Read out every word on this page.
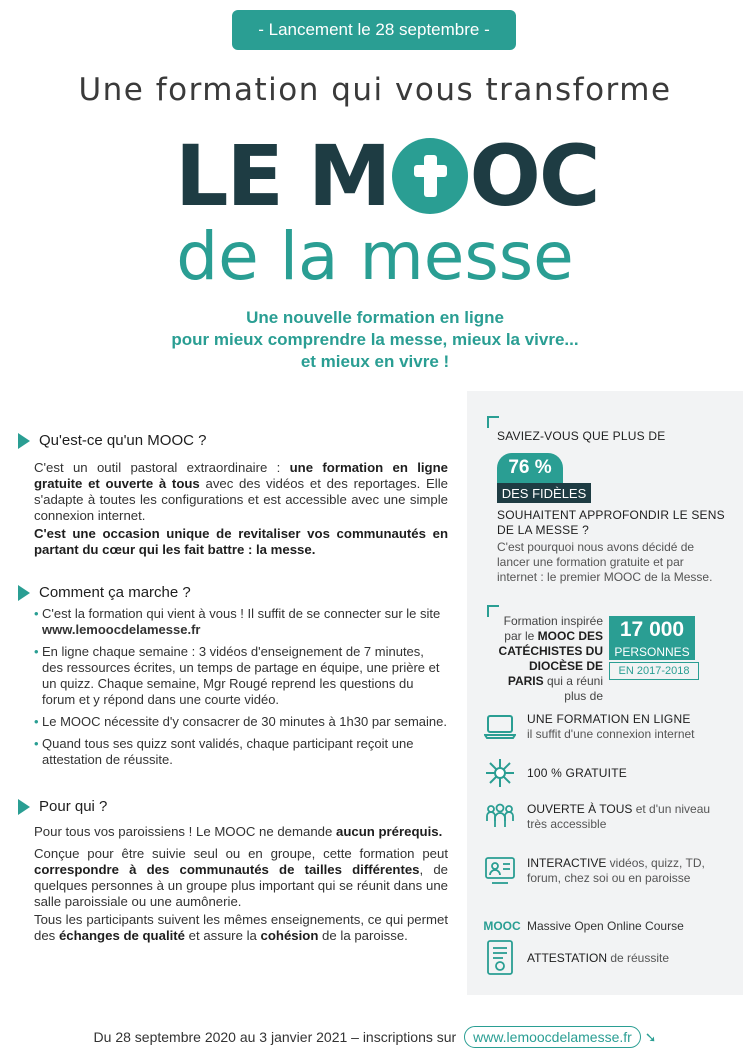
- Lancement le 28 septembre -
Une formation qui vous transforme
LE M OC
de la messe
Une nouvelle formation en ligne
pour mieux comprendre la messe, mieux la vivre...
et mieux en vivre !
Qu'est-ce qu'un MOOC ?
C'est un outil pastoral extraordinaire : une formation en ligne gratuite et ouverte à tous avec des vidéos et des reportages. Elle s'adapte à toutes les configurations et est accessible avec une simple connexion internet.
C'est une occasion unique de revitaliser vos communautés en partant du cœur qui les fait battre : la messe.
Comment ça marche ?
• C'est la formation qui vient à vous ! Il suffit de se connecter sur le site www.lemoocdelamesse.fr
• En ligne chaque semaine : 3 vidéos d'enseignement de 7 minutes, des ressources écrites, un temps de partage en équipe, une prière et un quizz. Chaque semaine, Mgr Rougé reprend les questions du forum et y répond dans une courte vidéo.
• Le MOOC nécessite d'y consacrer de 30 minutes à 1h30 par semaine.
• Quand tous ses quizz sont validés, chaque participant reçoit une attestation de réussite.
Pour qui ?
Pour tous vos paroissiens ! Le MOOC ne demande aucun prérequis.
Conçue pour être suivie seul ou en groupe, cette formation peut correspondre à des communautés de tailles différentes, de quelques personnes à un groupe plus important qui se réunit dans une salle paroissiale ou une aumônerie.
Tous les participants suivent les mêmes enseignements, ce qui permet des échanges de qualité et assure la cohésion de la paroisse.
SAVIEZ-VOUS QUE PLUS DE
76 %
DES FIDÈLES
SOUHAITENT APPROFONDIR LE SENS DE LA MESSE ?
C'est pourquoi nous avons décidé de lancer une formation gratuite et par internet : le premier MOOC de la Messe.
Formation inspirée par le MOOC DES CATÉCHISTES DU DIOCÈSE DE PARIS qui a réuni plus de
17 000
PERSONNES
EN 2017-2018
UNE FORMATION EN LIGNE
il suffit d'une connexion internet
100 % GRATUITE
OUVERTE À TOUS et d'un niveau très accessible
INTERACTIVE vidéos, quizz, TD, forum, chez soi ou en paroisse
MOOC Massive Open Online Course
ATTESTATION de réussite
Du 28 septembre 2020 au 3 janvier 2021 – inscriptions sur www.lemoocdelamesse.fr ➘
